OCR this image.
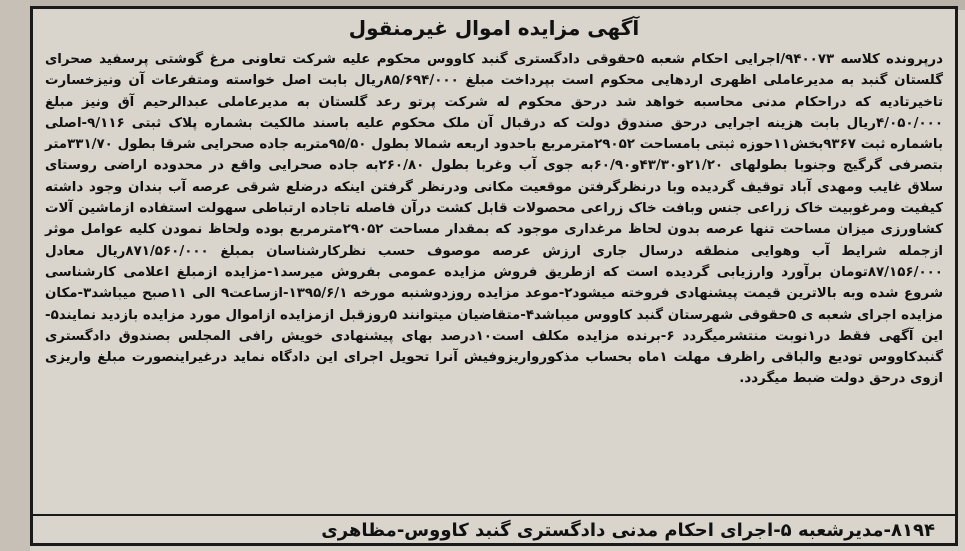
آگهی مزایده اموال غیرمنقول
درپرونده کلاسه ۹۴۰۰۷۳/اجرایی احکام شعبه ۵حقوقی دادگستری گنبد کاووس محکوم علیه شرکت تعاونی مرغ گوشتی پرسفید صحرای گلستان گنبد به مدیرعاملی اظهری اردهایی محکوم است بپرداخت مبلغ ۸۵/۶۹۴/۰۰۰ریال بابت اصل خواسته ومتفرعات آن ونیزخسارت تاخیرتادیه که دراحکام مدنی محاسبه خواهد شد درحق محکوم له شرکت پرتو رعد گلستان به مدیرعاملی عبدالرحیم آق ونیز مبلغ ۴/۰۵۰/۰۰۰ریال بابت هزینه اجرایی درحق صندوق دولت که درقبال آن ملک محکوم علیه باسند مالکیت بشماره پلاک ثبتی ۹/۱۱۶-اصلی باشماره ثبت ۹۳۶۷بخش۱۱حوزه ثبتی بامساحت ۲۹۰۵۲مترمربع باحدود اربعه شمالا بطول ۹۵/۵۰متربه جاده صحرایی شرقا بطول ۳۳۱/۷۰متر بتصرفی گرگیج وجنوبا بطولهای ۲۱/۲۰و۴۳/۳۰و۶۰/۹۰به جوی آب وغربا بطول ۲۶۰/۸۰به جاده صحرایی واقع در محدوده اراضی روستای سلاق غایب ومهدی آباد توقیف گردیده وبا درنظرگرفتن موقعیت مکانی ودرنظر گرفتن اینکه درضلع شرقی عرصه آب بندان وجود داشته کیفیت ومرغوبیت خاک زراعی جنس وبافت خاک زراعی محصولات قابل کشت درآن فاصله تاجاده ارتباطی سهولت استفاده ازماشین آلات کشاورزی میزان مساحت تنها عرصه بدون لحاظ مرغداری موجود که بمقدار مساحت ۲۹۰۵۲مترمربع بوده ولحاظ نمودن کلیه عوامل موثر ازجمله شرایط آب وهوایی منطقه درسال جاری ارزش عرصه موصوف حسب نظرکارشناسان بمبلغ ۸۷۱/۵۶۰/۰۰۰ریال معادل ۸۷/۱۵۶/۰۰۰تومان برآورد وارزیابی گردیده است که ازطریق فروش مزایده عمومی بفروش میرسد۱-مزایده ازمبلغ اعلامی کارشناسی شروع شده وبه بالاترین قیمت پیشنهادی فروخته میشود۲-موعد مزایده روزدوشنبه مورخه ۱۳۹۵/۶/۱-ازساعت۹ الی ۱۱صبح میباشد۳-مکان مزایده اجرای شعبه ی ۵حقوقی شهرستان گنبد کاووس میباشد۴-متقاضیان میتوانند ۵روزقبل ازمزایده ازاموال مورد مزایده بازدید نمایند۵-این آگهی فقط در۱نوبت منتشرمیگردد ۶-برنده مزایده مکلف است۱۰درصد بهای پیشنهادی خویش رافی المجلس بصندوق دادگستری گنبدکاووس تودیع والباقی راظرف مهلت ۱ماه بحساب مذکورواریزوفیش آنرا تحویل اجرای این دادگاه نماید درغیراینصورت مبلغ واریزی ازوی درحق دولت ضبط میگردد.
۸۱۹۴-مدیرشعبه ۵-اجرای احکام مدنی دادگستری گنبد کاووس-مظاهری
